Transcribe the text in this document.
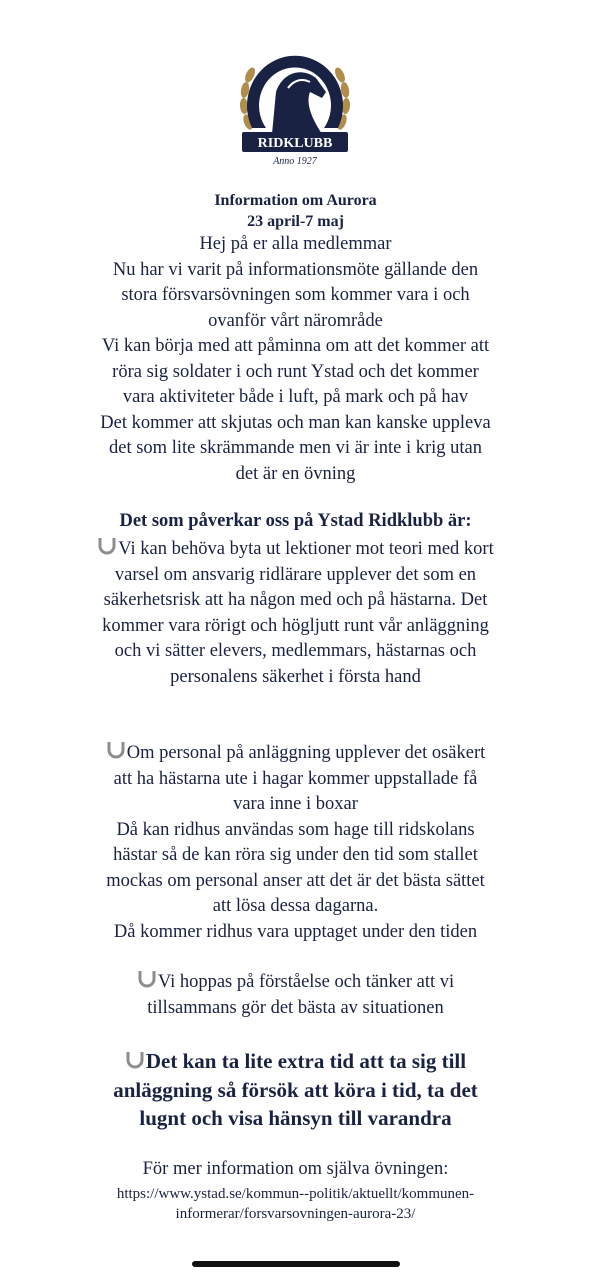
YSTAD
RIDKLUBB
Anno 1927
Information om Aurora
23 april-7 maj
Hej på er alla medlemmar
Nu har vi varit på informationsmöte gällande den
stora försvarsövningen som kommer vara i och
ovanför vårt närområde
Vi kan börja med att påminna om att det kommer att
röra sig soldater i och runt Ystad och det kommer
vara aktiviteter både i luft, på mark och på hav
Det kommer att skjutas och man kan kanske uppleva
det som lite skrämmande men vi är inte i krig utan
det är en övning
Det som påverkar oss på Ystad Ridklubb är:
Vi kan behöva byta ut lektioner mot teori med kort
varsel om ansvarig ridlärare upplever det som en
säkerhetsrisk att ha någon med och på hästarna. Det
kommer vara rörigt och högljutt runt vår anläggning
och vi sätter elevers, medlemmars, hästarnas och
personalens säkerhet i första hand
Om personal på anläggning upplever det osäkert
att ha hästarna ute i hagar kommer uppstallade få
vara inne i boxar
Då kan ridhus användas som hage till ridskolans
hästar så de kan röra sig under den tid som stallet
mockas om personal anser att det är det bästa sättet
att lösa dessa dagarna.
Då kommer ridhus vara upptaget under den tiden
Vi hoppas på förståelse och tänker att vi
tillsammans gör det bästa av situationen
Det kan ta lite extra tid att ta sig till
anläggning så försök att köra i tid, ta det
lugnt och visa hänsyn till varandra
För mer information om själva övningen:
https://www.ystad.se/kommun--politik/aktuellt/kommunen-
informerar/forsvarsovningen-aurora-23/
